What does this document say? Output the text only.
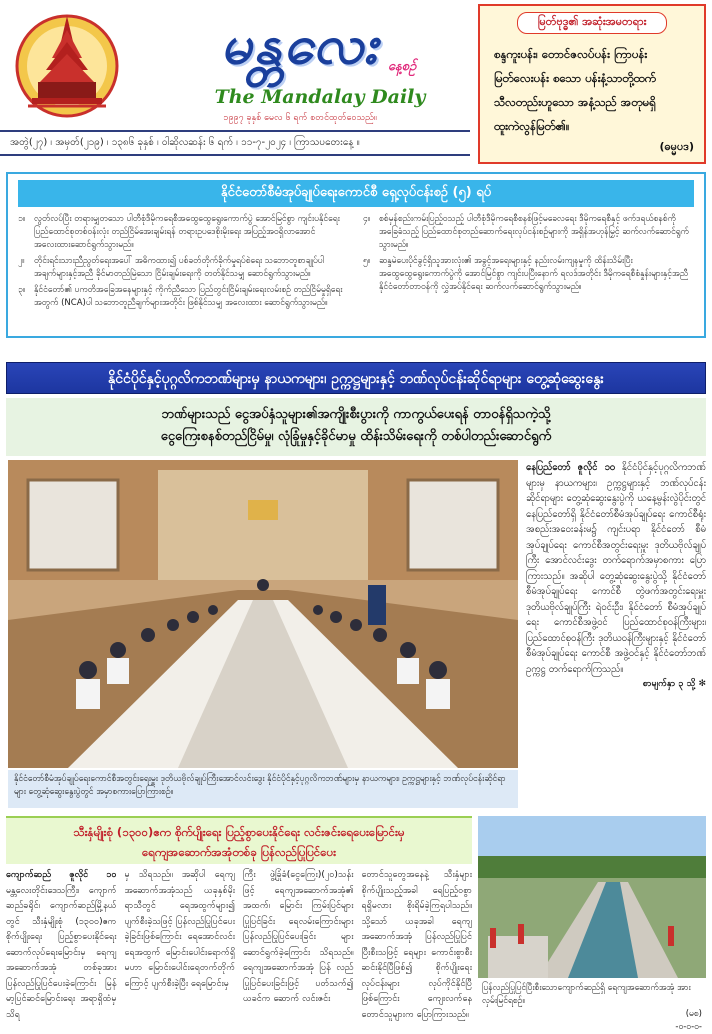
မန္တလေး နေ့စဉ်
The Mandalay Daily
၁၉၉၇ ခုနှစ် မေလ ၆ ရက် စတင်ထုတ်ဝေသည်။
အတွဲ(၂၇) ၊ အမှတ်(၂၁၉) ၊ ၁၃၈၆ ခုနှစ် ၊ ဝါဆိုလဆန်း ၆ ရက် ၊ ၁၁-၇-၂၀၂၄ ၊ ကြာသပတေးနေ့ ။
မြတ်ဗုဒ္ဓ၏ အဆုံးအမတရား
စန္ဒကူးပန်း၊ တောင်ဇလပ်ပန်း ကြာပန်း
မြတ်လေးပန်း စသော ပန်းနံ့သာတို့ထက်
သီလတည်းဟူသော အနံ့သည် အတုမရှိ
ထူးကဲလွန်မြတ်၏။
(ဓမ္မပဒ)
နိုင်ငံတော်စီမံအုပ်ချုပ်ရေးကောင်စီ ရှေ့လုပ်ငန်းစဉ် (၅) ရပ်
၁။	လွတ်လပ်ပြီး တရားမျှတသော ပါတီစုံဒီမိုကရေစီအထွေထွေရွေးကောက်ပွဲ အောင်မြင်စွာ ကျင်းပနိုင်ရေး ပြည်ထောင်စုတစ်ဝန်းလုံး တည်ငြိမ်အေးချမ်းရန် တရားဥပဒေစိုးမိုးရေး အပြည့်အဝရှိလာအောင် အလေးထားဆောင်ရွက်သွားမည်။
၂။	တိုင်းရင်းသားညီညွတ်ရေးအပေါ် အဓိကထား၍ ပစ်ခတ်တိုက်ခိုက်မှုရပ်စဲရေး သဘောတူစာချုပ်ပါ အချက်များနှင့်အညီ ခိုင်မာတည်မြဲသော ငြိမ်းချမ်းရေးကို တတ်နိုင်သမျှ ဆောင်ရွက်သွားမည်။
၃။	နိုင်ငံတော်၏ ပကတိအခြေအနေများနှင့် ကိုက်ညီသော ပြည်တွင်းငြိမ်းချမ်းရေးလမ်းစဉ် တည်ငြိမ်မှုရှိရေးအတွက် (NCA)ပါ သဘောတူညီချက်များအတိုင်း ဖြစ်နိုင်သမျှ အလေးထား ဆောင်ရွက်သွားမည်။
၄။	စစ်မှန်စည်းကမ်းပြည့်ဝသည့် ပါတီစုံဒီမိုကရေစီစနစ်ဖြင့်မခေလရေး ဒီမိုကရေစီနှင့် ဖက်ဒရယ်စနစ်ကို အခြေခံသည့် ပြည်ထောင်စုတည်ဆောက်ရေးလုပ်ငန်းစဉ်များကို အရှိန်အဟုန်မြှင့် ဆက်လက်ဆောင်ရွက်သွားမည်။
၅။	ဆန္ဒမဲပေးပိုင်ခွင့်ရှိသူအားလုံး၏ အခွင့်အရေးများနှင့် နည်းလမ်းကျနမှုကို ထိန်းသိမ်းပြီး အထွေထွေရွေးကောက်ပွဲကို အောင်မြင်စွာ ကျင်းပပြီးနောက် ရလဒ်အတိုင်း ဒီမိုကရေစီစံနှုန်းများနှင့်အညီ နိုင်ငံတော်တာဝန်ကို လွှဲအပ်နိုင်ရေး ဆက်လက်ဆောင်ရွက်သွားမည်။
နိုင်ငံပိုင်နှင့်ပုဂ္ဂလိကဘဏ်များမှ နာယကများ၊ ဥက္ကဋ္ဌများနှင့် ဘဏ်လုပ်ငန်းဆိုင်ရာများ တွေ့ဆုံဆွေးနွေး
ဘဏ်များသည် ငွေအပ်နှံသူများ၏အကျိုးစီးပွားကို ကာကွယ်ပေးရန် တာဝန်ရှိသကဲ့သို့
ငွေကြေးစနစ်တည်ငြိမ်မှု၊ လုံခြုံမှုနှင့်ခိုင်မာမှု ထိန်းသိမ်းရေးကို တစ်ပါတည်းဆောင်ရွက်
နိုင်ငံတော်စီမံအုပ်ချုပ်ရေးကောင်စီအတွင်းရေးမှူး ဒုတိယဗိုလ်ချုပ်ကြီးအောင်လင်းဒွေး နိုင်ငံပိုင်နှင့်ပုဂ္ဂလိကဘဏ်များမှ နာယကများ၊ ဥက္ကဋ္ဌများနှင့် ဘဏ်လုပ်ငန်းဆိုင်ရာများ တွေ့ဆုံဆွေးနွေးပွဲတွင် အမှာစကားပြောကြားစဉ်။
နေပြည်တော် ဇူလိုင် ၁၀ နိုင်ငံပိုင်နှင့်ပုဂ္ဂလိကဘဏ်များမှ နာယကများ၊ ဥက္ကဋ္ဌများနှင့် ဘဏ်လုပ်ငန်းဆိုင်ရာများ တွေ့ဆုံဆွေးနွေးပွဲကို ယနေ့မွန်းလွဲပိုင်းတွင် နေပြည်တော်ရှိ နိုင်ငံတော်စီမံအုပ်ချုပ်ရေး ကောင်စီရုံး အစည်းအဝေးခန်းမ၌ ကျင်းပရာ နိုင်ငံတော် စီမံအုပ်ချုပ်ရေး ကောင်စီအတွင်းရေးမှူး ဒုတိယဗိုလ်ချုပ်ကြီး အောင်လင်းဒွေး တက်ရောက်အမှာစကား ပြောကြားသည်။ အဆိုပါ တွေ့ဆုံဆွေးနွေးပွဲသို့ နိုင်ငံတော် စီမံအုပ်ချုပ်ရေး ကောင်စီ တွဲဖက်အတွင်းရေးမှူး ဒုတိယဗိုလ်ချုပ်ကြီး ရဲဝင်းဦး၊ နိုင်ငံတော် စီမံအုပ်ချုပ်ရေး ကောင်စီအဖွဲ့ဝင် ပြည်ထောင်စုဝန်ကြီးများ၊ ပြည်ထောင်စုဝန်ကြီး ဒုတိယဝန်ကြီးများနှင့် နိုင်ငံတော် စီမံအုပ်ချုပ်ရေး ကောင်စီ အဖွဲ့ဝင်နှင့် နိုင်ငံတော်ဘဏ်ဥက္ကဋ္ဌ တက်ရောက်ကြသည်။
စာမျက်နှာ ၃ သို့ ✻
သီးနှံမျိုးစုံ (၁၃၀၀)ဧက စိုက်ပျိုးရေး ပြည့်စွာပေးနိုင်ရေး လင်းဇင်းရေပေးမြောင်းမှ
ရေကျအဆောက်အအုံတစ်ခု ပြန်လည်ပြုပြင်ပေး
ကျောက်ဆည် ဇူလိုင် ၁၀ မန္တလေးတိုင်းဒေသကြီး၊ ကျောက်ဆည်ခရိုင်၊ ကျောက်ဆည်မြို့နယ်တွင် သီးနှံမျိုးစုံ (၁၃၀၀)ဧက စိုက်ပျိုးရေး ပြည့်စွာပေးနိုင်ရေး ဆောက်လုပ်ရေးမြောင်းမှ ရေကျအဆောက်အအုံ တစ်ခုအား ပြန်လည်ပြုပြင်ပေးခဲ့ကြောင်း မြန်မာ့ပြင်ဆင်မြောင်းရေး အရာရှိထံမှ သိရ
မှ သိရသည်။ အဆိုပါ ရေကျအဆောက်အအုံသည် ယခုနှစ်မိုးရာသီတွင် ရေအထွက်များ၍ ပျက်စီးခဲ့သဖြင့် ပြန်လည်ပြုပြင်ပေးခဲ့ခြင်းဖြစ်ကြောင်း ရေအောင်လင်း ရေအထွက် မြောင်းပေါင်းရောက်ရှိ မဟာ မြောင်းပေါင်းရေတက်တိုက်ကြောင့် ပျက်စီးခဲ့ပြီး ရေမြောင်းမှ
ကြီး ဖွဲ့ခြုံခံ(ငွေကြေး)(၂၀)သန်း ဖြင့် ရေကျအဆောက်အအုံ၏ အထက်၊ မြောင်း ကြမ်းပြင်များပြုပြင်ခြင်း ရေလမ်းကြောင်းများ ပြန်လည်ပြုပြင်ပေးခြင်း များ ဆောင်ရွက်ခဲ့ကြောင်း သိရသည်။ ရေကျအဆောက်အအုံ ပြန် လည်ပြုပြင်ပေးခြင်းဖြင့် ပတ်သက်၍ ယခင်က ဆောက် လင်းဇင်း
တောင်သူတွေအနေနဲ့ သီးနှံများ စိုက်ပျိုးသည့်အခါ ရေပြည့်ဝစွာ ရရှိမလား စိုးရိမ်ခဲ့ကြရပါသည်။ သို့သော် ယခုအခါ ရေကျအဆောက်အအုံ ပြန်လည်ပြုပြင်ပြီးစီးသဖြင့် ရေများ ကောင်းစွာစီးဆင်းနိုင်ပြီဖြစ်၍ စိုက်ပျိုးရေး လုပ်ငန်းများ လုပ်ကိုင်နိုင်ပြီဖြစ်ကြောင်း ကျေးလက်နေ တောင်သူများက ပြောကြားသည်။
ပြန်လည်ပြုပြင်ပြီးစီးသောကျောက်ဆည်ရှိ ရေကျအဆောက်အအုံ အား လှမ်းမြင်ရစဉ်။
(မစ)
-၀-၀-၀-
